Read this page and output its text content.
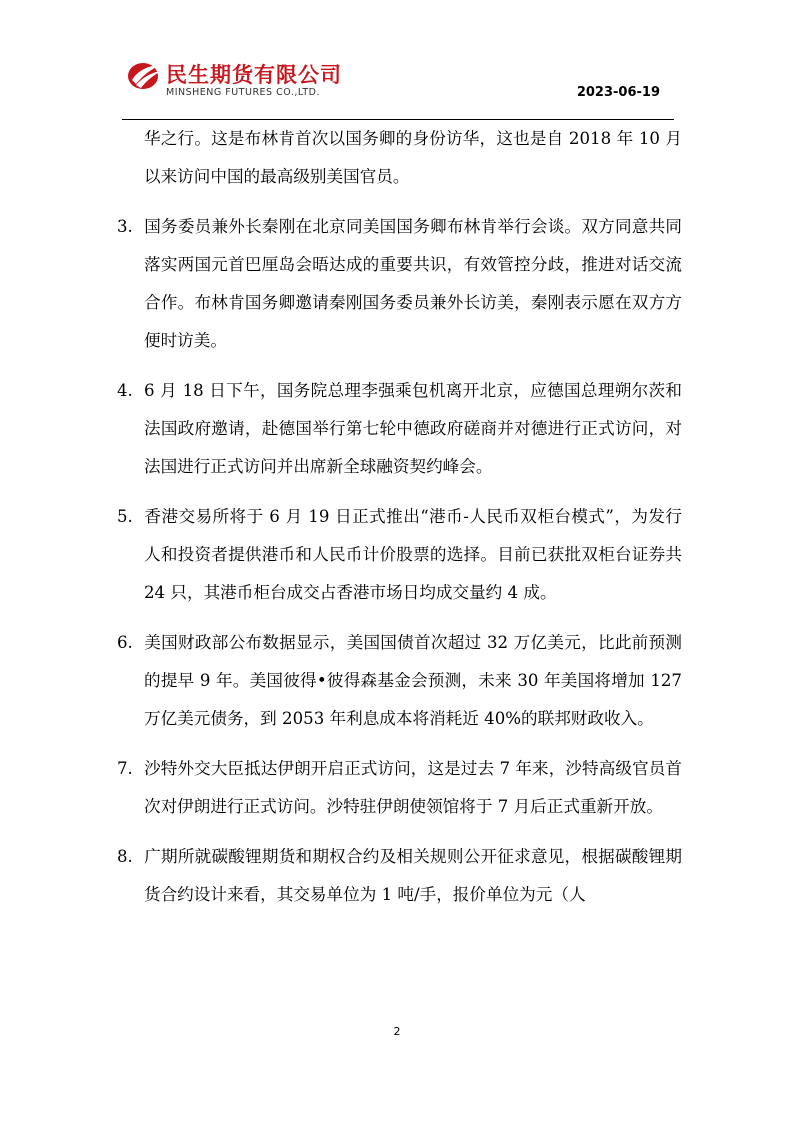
民生期货有限公司
MINSHENG FUTURES CO.,LTD.	2023-06-19
华之行。这是布林肯首次以国务卿的身份访华，这也是自 2018 年 10 月以来访问中国的最高级别美国官员。
3. 国务委员兼外长秦刚在北京同美国国务卿布林肯举行会谈。双方同意共同落实两国元首巴厘岛会晤达成的重要共识，有效管控分歧，推进对话交流合作。布林肯国务卿邀请秦刚国务委员兼外长访美，秦刚表示愿在双方方便时访美。
4. 6 月 18 日下午，国务院总理李强乘包机离开北京，应德国总理朔尔茨和法国政府邀请，赴德国举行第七轮中德政府磋商并对德进行正式访问，对法国进行正式访问并出席新全球融资契约峰会。
5. 香港交易所将于 6 月 19 日正式推出“港币-人民币双柜台模式”，为发行人和投资者提供港币和人民币计价股票的选择。目前已获批双柜台证券共 24 只，其港币柜台成交占香港市场日均成交量约 4 成。
6. 美国财政部公布数据显示，美国国债首次超过 32 万亿美元，比此前预测的提早 9 年。美国彼得•彼得森基金会预测，未来 30 年美国将增加 127 万亿美元债务，到 2053 年利息成本将消耗近 40%的联邦财政收入。
7. 沙特外交大臣抵达伊朗开启正式访问，这是过去 7 年来，沙特高级官员首次对伊朗进行正式访问。沙特驻伊朗使领馆将于 7 月后正式重新开放。
8. 广期所就碳酸锂期货和期权合约及相关规则公开征求意见，根据碳酸锂期货合约设计来看，其交易单位为 1 吨/手，报价单位为元（人
2
